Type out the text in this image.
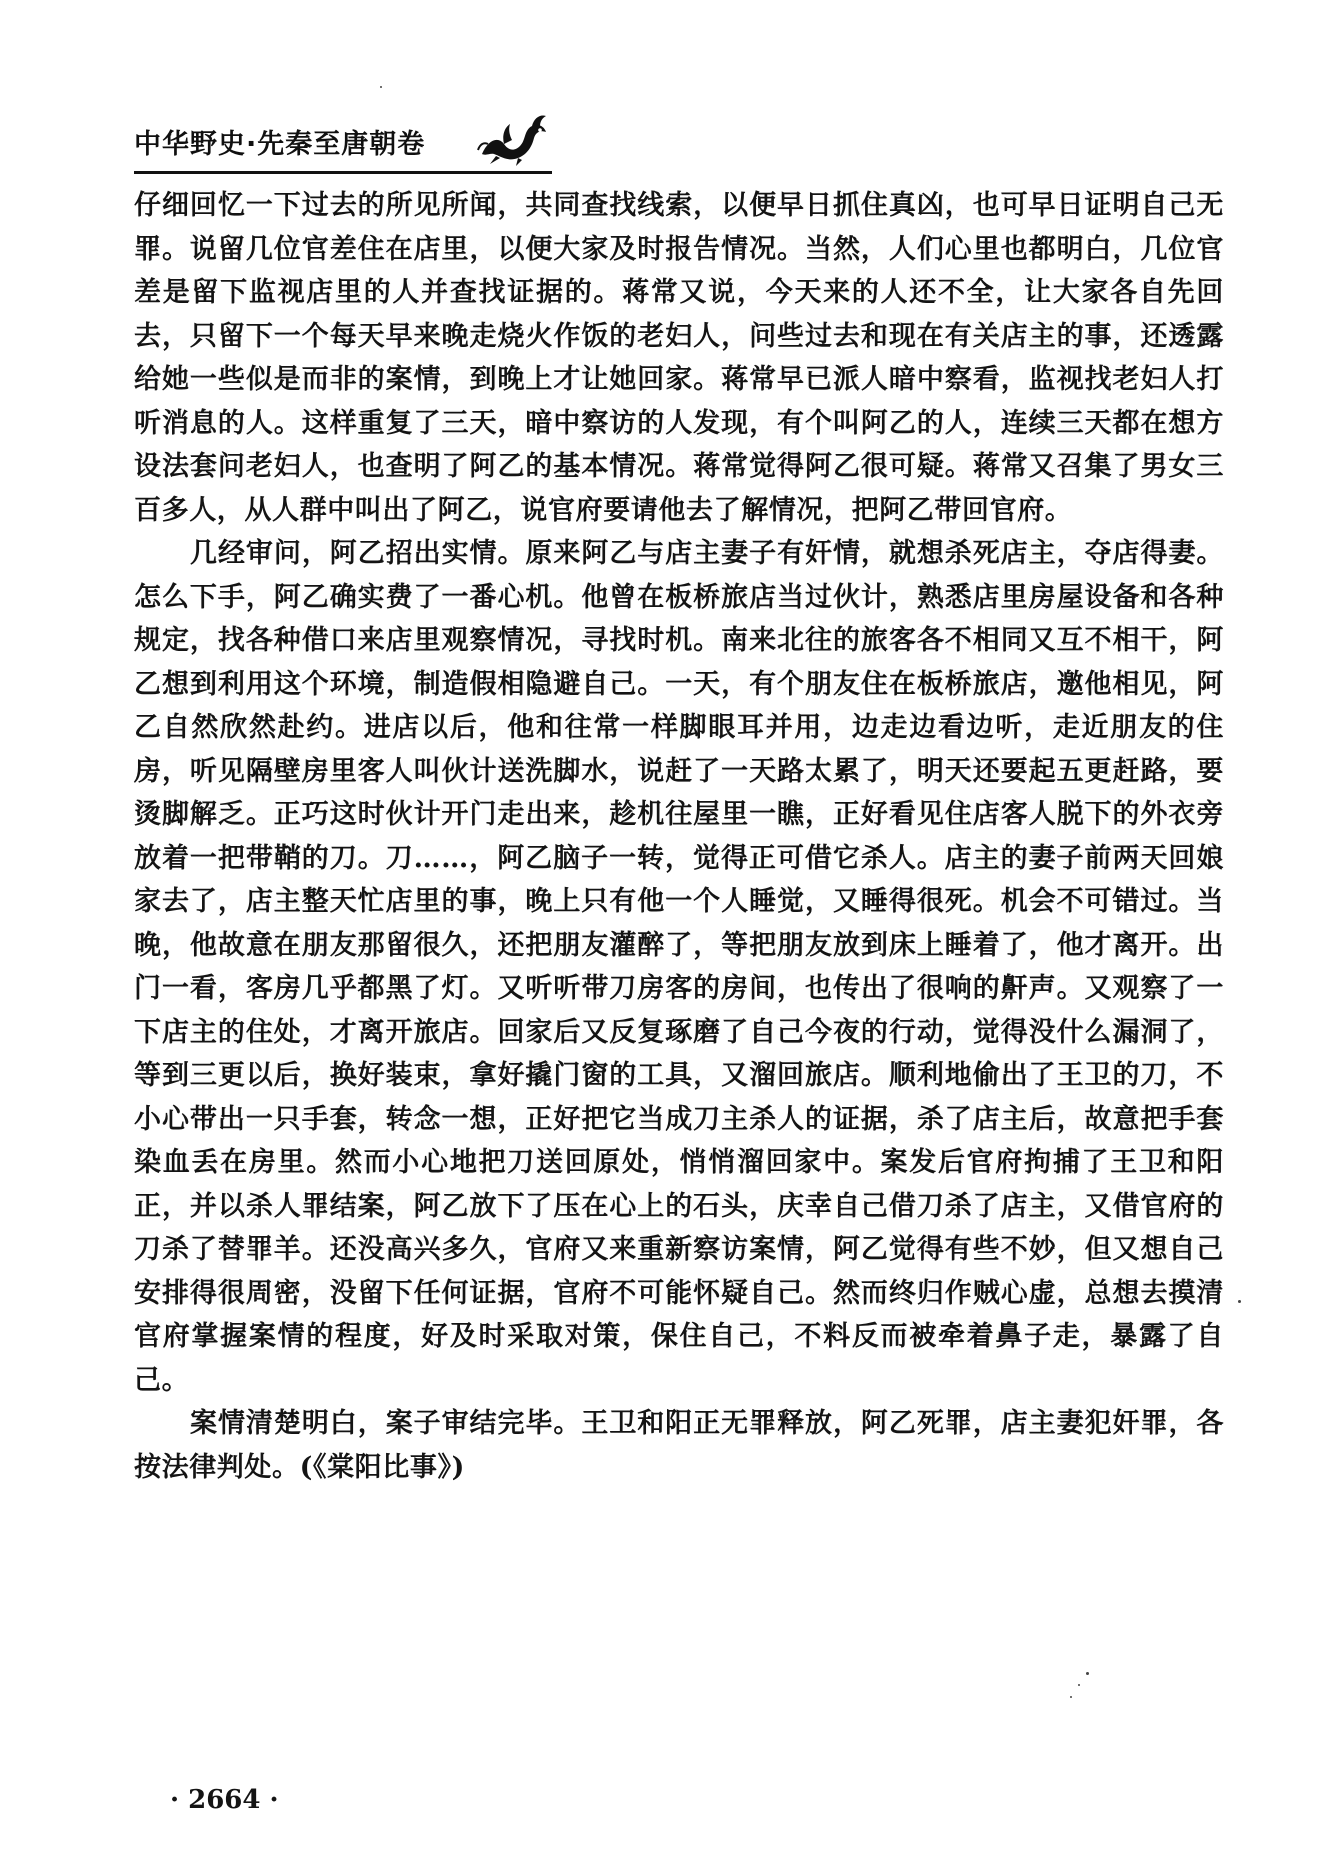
中华野史·先秦至唐朝卷

仔细回忆一下过去的所见所闻，共同查找线索，以便早日抓住真凶，也可早日证明自己无罪。说留几位官差住在店里，以便大家及时报告情况。当然，人们心里也都明白，几位官差是留下监视店里的人并查找证据的。蒋常又说，今天来的人还不全，让大家各自先回去，只留下一个每天早来晚走烧火作饭的老妇人，问些过去和现在有关店主的事，还透露给她一些似是而非的案情，到晚上才让她回家。蒋常早已派人暗中察看，监视找老妇人打听消息的人。这样重复了三天，暗中察访的人发现，有个叫阿乙的人，连续三天都在想方设法套问老妇人，也查明了阿乙的基本情况。蒋常觉得阿乙很可疑。蒋常又召集了男女三百多人，从人群中叫出了阿乙，说官府要请他去了解情况，把阿乙带回官府。

几经审问，阿乙招出实情。原来阿乙与店主妻子有奸情，就想杀死店主，夺店得妻。怎么下手，阿乙确实费了一番心机。他曾在板桥旅店当过伙计，熟悉店里房屋设备和各种规定，找各种借口来店里观察情况，寻找时机。南来北往的旅客各不相同又互不相干，阿乙想到利用这个环境，制造假相隐避自己。一天，有个朋友住在板桥旅店，邀他相见，阿乙自然欣然赴约。进店以后，他和往常一样脚眼耳并用，边走边看边听，走近朋友的住房，听见隔壁房里客人叫伙计送洗脚水，说赶了一天路太累了，明天还要起五更赶路，要烫脚解乏。正巧这时伙计开门走出来，趁机往屋里一瞧，正好看见住店客人脱下的外衣旁放着一把带鞘的刀。刀……，阿乙脑子一转，觉得正可借它杀人。店主的妻子前两天回娘家去了，店主整天忙店里的事，晚上只有他一个人睡觉，又睡得很死。机会不可错过。当晚，他故意在朋友那留很久，还把朋友灌醉了，等把朋友放到床上睡着了，他才离开。出门一看，客房几乎都黑了灯。又听听带刀房客的房间，也传出了很响的鼾声。又观察了一下店主的住处，才离开旅店。回家后又反复琢磨了自己今夜的行动，觉得没什么漏洞了，等到三更以后，换好装束，拿好撬门窗的工具，又溜回旅店。顺利地偷出了王卫的刀，不小心带出一只手套，转念一想，正好把它当成刀主杀人的证据，杀了店主后，故意把手套染血丢在房里。然而小心地把刀送回原处，悄悄溜回家中。案发后官府拘捕了王卫和阳正，并以杀人罪结案，阿乙放下了压在心上的石头，庆幸自己借刀杀了店主，又借官府的刀杀了替罪羊。还没高兴多久，官府又来重新察访案情，阿乙觉得有些不妙，但又想自己安排得很周密，没留下任何证据，官府不可能怀疑自己。然而终归作贼心虚，总想去摸清官府掌握案情的程度，好及时采取对策，保住自己，不料反而被牵着鼻子走，暴露了自己。

案情清楚明白，案子审结完毕。王卫和阳正无罪释放，阿乙死罪，店主妻犯奸罪，各按法律判处。(《棠阳比事》)

· 2664 ·
